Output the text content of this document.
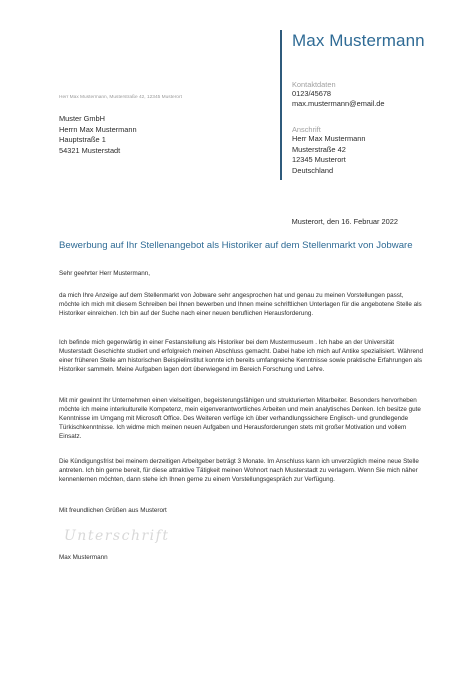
Max Mustermann
Kontaktdaten
0123/45678
max.mustermann@email.de
Anschrift
Herr Max Mustermann
Musterstraße 42
12345 Musterort
Deutschland
Herr Max Mustermann, Musterstraße 42, 12345 Musterort
Muster GmbH
Herrn Max Mustermann
Hauptstraße 1
54321 Musterstadt
Musterort, den 16. Februar 2022
Bewerbung auf Ihr Stellenangebot als Historiker auf dem Stellenmarkt von Jobware
Sehr geehrter Herr Mustermann,
da mich Ihre Anzeige auf dem Stellenmarkt von Jobware sehr angesprochen hat und genau zu meinen Vorstellungen passt, möchte ich mich mit diesem Schreiben bei Ihnen bewerben und Ihnen meine schriftlichen Unterlagen für die angebotene Stelle als Historiker einreichen. Ich bin auf der Suche nach einer neuen beruflichen Herausforderung.
Ich befinde mich gegenwärtig in einer Festanstellung als Historiker bei dem Mustermuseum . Ich habe an der Universität Musterstadt Geschichte studiert und erfolgreich meinen Abschluss gemacht. Dabei habe ich mich auf Antike spezialisiert. Während einer früheren Stelle am historischen Beispielinstitut konnte ich bereits umfangreiche Kenntnisse sowie praktische Erfahrungen als Historiker sammeln. Meine Aufgaben lagen dort überwiegend im Bereich Forschung und Lehre.
Mit mir gewinnt Ihr Unternehmen einen vielseitigen, begeisterungsfähigen und strukturierten Mitarbeiter. Besonders hervorheben möchte ich meine interkulturelle Kompetenz, mein eigenverantwortliches Arbeiten und mein analytisches Denken. Ich besitze gute Kenntnisse im Umgang mit Microsoft Office. Des Weiteren verfüge ich über verhandlungssichere Englisch- und grundlegende Türkischkenntnisse. Ich widme mich meinen neuen Aufgaben und Herausforderungen stets mit großer Motivation und vollem Einsatz.
Die Kündigungsfrist bei meinem derzeitigen Arbeitgeber beträgt 3 Monate. Im Anschluss kann ich unverzüglich meine neue Stelle antreten. Ich bin gerne bereit, für diese attraktive Tätigkeit meinen Wohnort nach Musterstadt zu verlagern. Wenn Sie mich näher kennenlernen möchten, dann stehe ich Ihnen gerne zu einem Vorstellungsgespräch zur Verfügung.
Mit freundlichen Grüßen aus Musterort
Unterschrift
Max Mustermann
